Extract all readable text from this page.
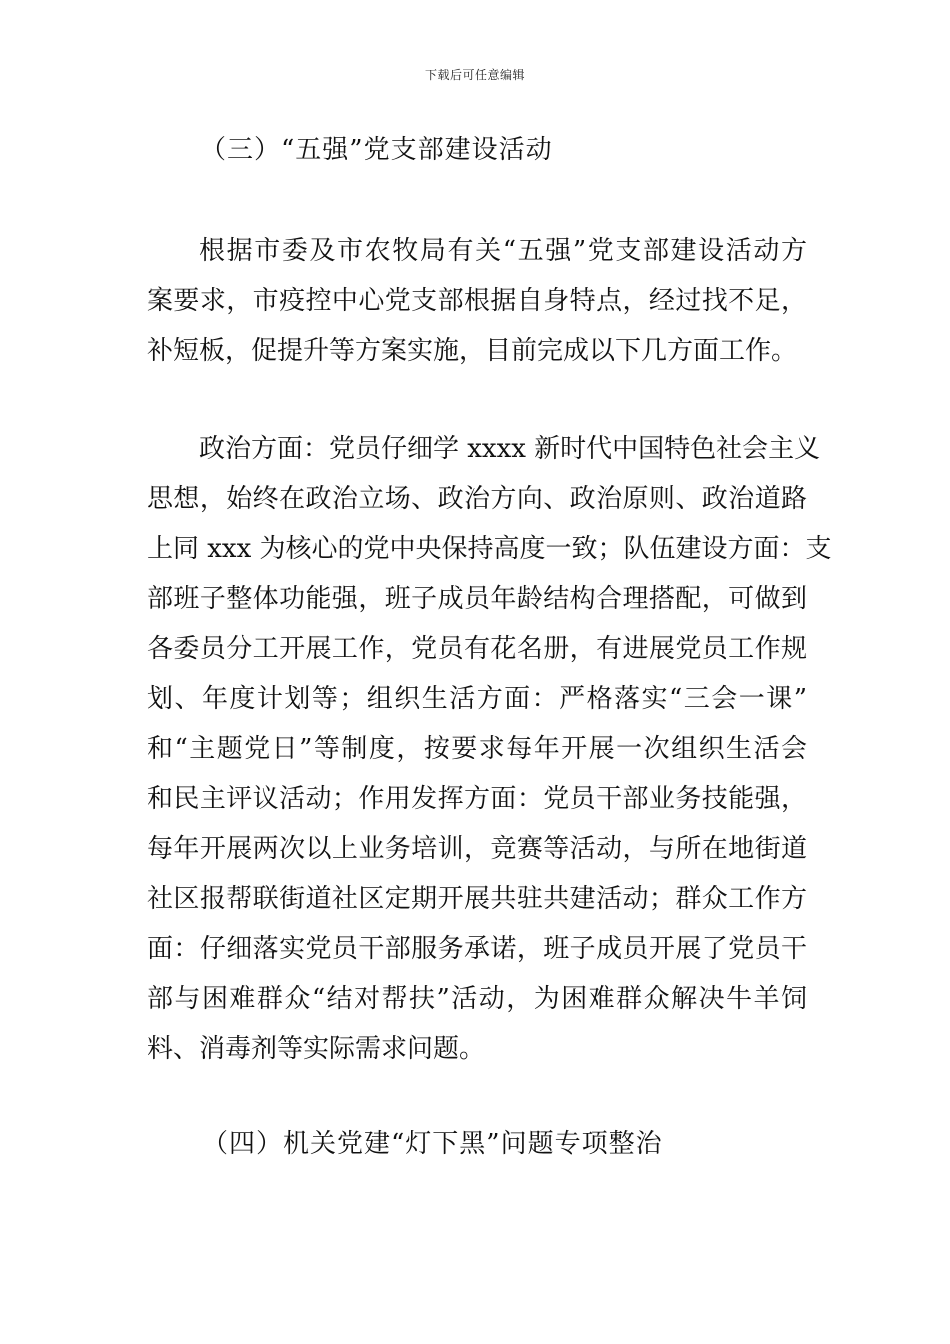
下载后可任意编辑
（三）“五强”党支部建设活动

根据市委及市农牧局有关“五强”党支部建设活动方
案要求，市疫控中心党支部根据自身特点，经过找不足，
补短板，促提升等方案实施，目前完成以下几方面工作。

政治方面：党员仔细学 xxxx 新时代中国特色社会主义
思想，始终在政治立场、政治方向、政治原则、政治道路
上同 xxx 为核心的党中央保持高度一致；队伍建设方面：支
部班子整体功能强，班子成员年龄结构合理搭配，可做到
各委员分工开展工作，党员有花名册，有进展党员工作规
划、年度计划等；组织生活方面：严格落实“三会一课”
和“主题党日”等制度，按要求每年开展一次组织生活会
和民主评议活动；作用发挥方面：党员干部业务技能强，
每年开展两次以上业务培训，竞赛等活动，与所在地街道
社区报帮联街道社区定期开展共驻共建活动；群众工作方
面：仔细落实党员干部服务承诺，班子成员开展了党员干
部与困难群众“结对帮扶”活动，为困难群众解决牛羊饲
料、消毒剂等实际需求问题。

（四）机关党建“灯下黑”问题专项整治
